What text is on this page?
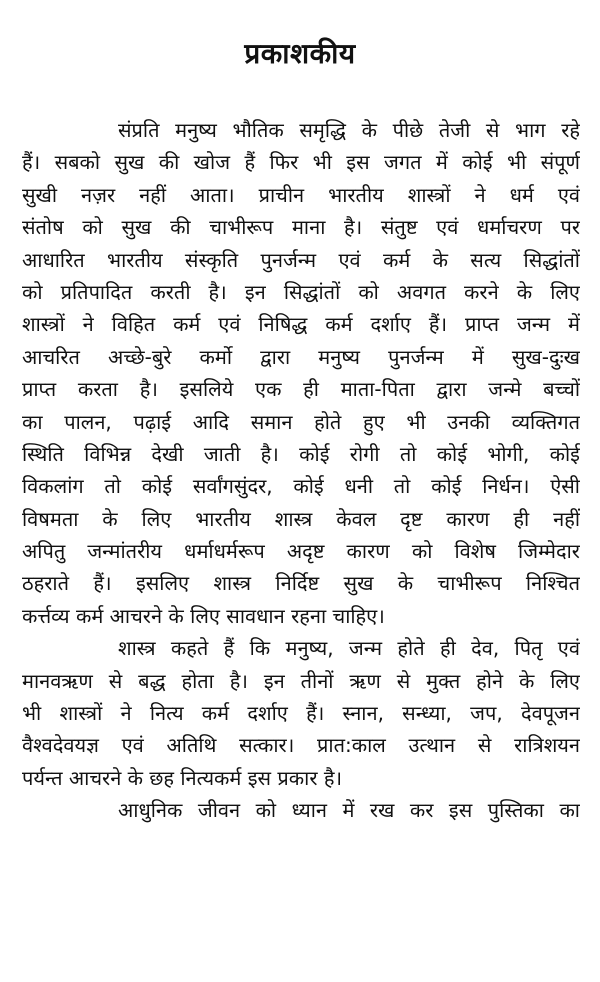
प्रकाशकीय
संप्रति मनुष्य भौतिक समृद्धि के पीछे तेजी से भाग रहे
हैं। सबको सुख की खोज हैं फिर भी इस जगत में कोई भी संपूर्ण
सुखी नज़र नहीं आता। प्राचीन भारतीय शास्त्रों ने धर्म एवं
संतोष को सुख की चाभीरूप माना है। संतुष्ट एवं धर्माचरण पर
आधारित भारतीय संस्कृति पुनर्जन्म एवं कर्म के सत्य सिद्धांतों
को प्रतिपादित करती है। इन सिद्धांतों को अवगत करने के लिए
शास्त्रों ने विहित कर्म एवं निषिद्ध कर्म दर्शाए हैं। प्राप्त जन्म में
आचरित अच्छे-बुरे कर्मो द्वारा मनुष्य पुनर्जन्म में सुख-दुःख
प्राप्त करता है। इसलिये एक ही माता-पिता द्वारा जन्मे बच्चों
का पालन, पढ़ाई आदि समान होते हुए भी उनकी व्यक्तिगत
स्थिति विभिन्न देखी जाती है। कोई रोगी तो कोई भोगी, कोई
विकलांग तो कोई सर्वांगसुंदर, कोई धनी तो कोई निर्धन। ऐसी
विषमता के लिए भारतीय शास्त्र केवल दृष्ट कारण ही नहीं
अपितु जन्मांतरीय धर्माधर्मरूप अदृष्ट कारण को विशेष जिम्मेदार
ठहराते हैं। इसलिए शास्त्र निर्दिष्ट सुख के चाभीरूप निश्चित
कर्त्तव्य कर्म आचरने के लिए सावधान रहना चाहिए।
शास्त्र कहते हैं कि मनुष्य, जन्म होते ही देव, पितृ एवं
मानवऋण से बद्ध होता है। इन तीनों ऋण से मुक्त होने के लिए
भी शास्त्रों ने नित्य कर्म दर्शाए हैं। स्नान, सन्ध्या, जप, देवपूजन
वैश्वदेवयज्ञ एवं अतिथि सत्कार। प्रात:काल उत्थान से रात्रिशयन
पर्यन्त आचरने के छह नित्यकर्म इस प्रकार है।
आधुनिक जीवन को ध्यान में रख कर इस पुस्तिका का
